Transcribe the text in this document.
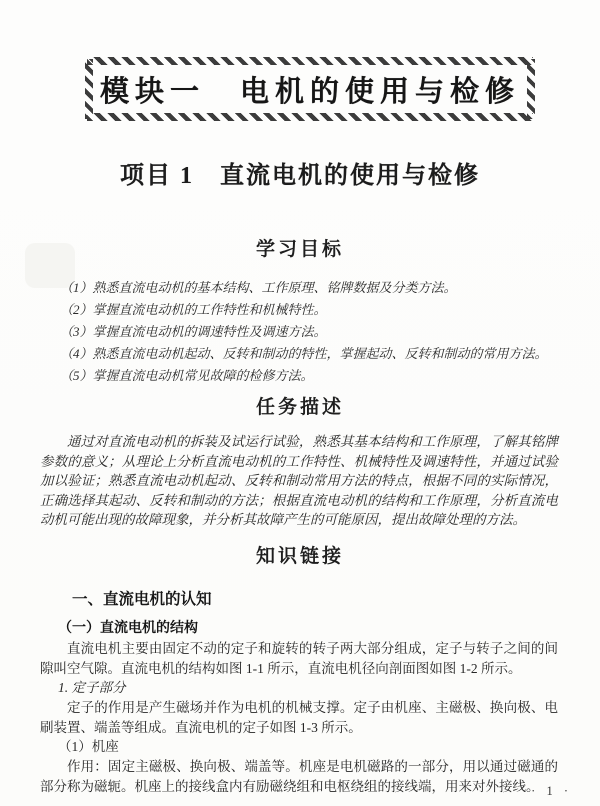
模块一　电机的使用与检修
项目 1　直流电机的使用与检修
学习目标

（1）熟悉直流电动机的基本结构、工作原理、铭牌数据及分类方法。

（2）掌握直流电动机的工作特性和机械特性。

（3）掌握直流电动机的调速特性及调速方法。

（4）熟悉直流电动机起动、反转和制动的特性，掌握起动、反转和制动的常用方法。

（5）掌握直流电动机常见故障的检修方法。

任务描述

通过对直流电动机的拆装及试运行试验，熟悉其基本结构和工作原理，了解其铭牌参数的意义；从理论上分析直流电动机的工作特性、机械特性及调速特性，并通过试验加以验证；熟悉直流电动机起动、反转和制动常用方法的特点，根据不同的实际情况，正确选择其起动、反转和制动的方法；根据直流电动机的结构和工作原理，分析直流电动机可能出现的故障现象，并分析其故障产生的可能原因，提出故障处理的方法。

知识链接
一、直流电机的认知
（一）直流电机的结构

直流电机主要由固定不动的定子和旋转的转子两大部分组成，定子与转子之间的间隙叫空气隙。直流电机的结构如图 1-1 所示，直流电机径向剖面图如图 1-2 所示。

1. 定子部分

定子的作用是产生磁场并作为电机的机械支撑。定子由机座、主磁极、换向极、电刷装置、端盖等组成。直流电机的定子如图 1-3 所示。

（1）机座

作用：固定主磁极、换向极、端盖等。机座是电机磁路的一部分，用以通过磁通的部分称为磁轭。机座上的接线盒内有励磁绕组和电枢绕组的接线端，用来对外接线。

· 1 ·
